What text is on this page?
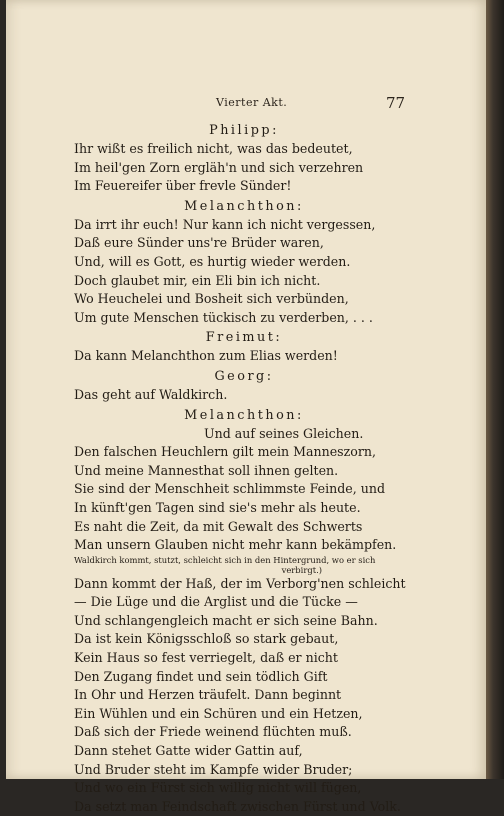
Vierter Akt.	77
Philipp:
Ihr wißt es freilich nicht, was das bedeutet,
Im heil'gen Zorn ergläh'n und sich verzehren
Im Feuereifer über frevle Sünder!
Melanchthon:
Da irrt ihr euch! Nur kann ich nicht vergessen,
Daß eure Sünder uns're Brüder waren,
Und, will es Gott, es hurtig wieder werden.
Doch glaubet mir, ein Eli bin ich nicht.
Wo Heuchelei und Bosheit sich verbünden,
Um gute Menschen tückisch zu verderben, . . .
Freimut:
Da kann Melanchthon zum Elias werden!
Georg:
Das geht auf Waldkirch.
Melanchthon:
Und auf seines Gleichen.
Den falschen Heuchlern gilt mein Manneszorn,
Und meine Mannesthat soll ihnen gelten.
Sie sind der Menschheit schlimmste Feinde, und
In künft'gen Tagen sind sie's mehr als heute.
Es naht die Zeit, da mit Gewalt des Schwerts
Man unsern Glauben nicht mehr kann bekämpfen.
Waldkirch kommt, stutzt, schleicht sich in den Hintergrund, wo er sich
verbirgt.)
Dann kommt der Haß, der im Verborg'nen schleicht
— Die Lüge und die Arglist und die Tücke —
Und schlangengleich macht er sich seine Bahn.
Da ist kein Königsschloß so stark gebaut,
Kein Haus so fest verriegelt, daß er nicht
Den Zugang findet und sein tödlich Gift
In Ohr und Herzen träufelt. Dann beginnt
Ein Wühlen und ein Schüren und ein Hetzen,
Daß sich der Friede weinend flüchten muß.
Dann stehet Gatte wider Gattin auf,
Und Bruder steht im Kampfe wider Bruder;
Und wo ein Fürst sich willig nicht will fügen,
Da setzt man Feindschaft zwischen Fürst und Volk.
